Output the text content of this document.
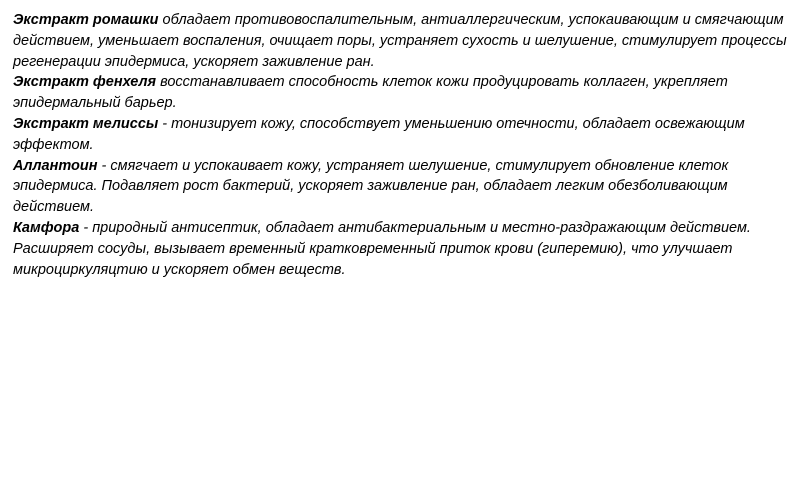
Экстракт ромашки обладает противовоспалительным, антиаллергическим, успокаивающим и смягчающим действием, уменьшает воспаления, очищает поры, устраняет сухость и шелушение, стимулирует процессы регенерации эпидермиса, ускоряет заживление ран.

Экстракт фенхеля восстанавливает способность клеток кожи продуцировать коллаген, укрепляет эпидермальный барьер.

Экстракт мелиссы - тонизирует кожу, способствует уменьшению отечности, обладает освежающим эффектом.

Аллантоин - смягчает и успокаивает кожу, устраняет шелушение, стимулирует обновление клеток эпидермиса. Подавляет рост бактерий, ускоряет заживление ран, обладает легким обезболивающим действием.

Камфора - природный антисептик, обладает антибактериальным и местно-раздражающим действием. Расширяет сосуды, вызывает временный кратковременный приток крови (гиперемию), что улучшает микроциркуляцтию и ускоряет обмен веществ.
